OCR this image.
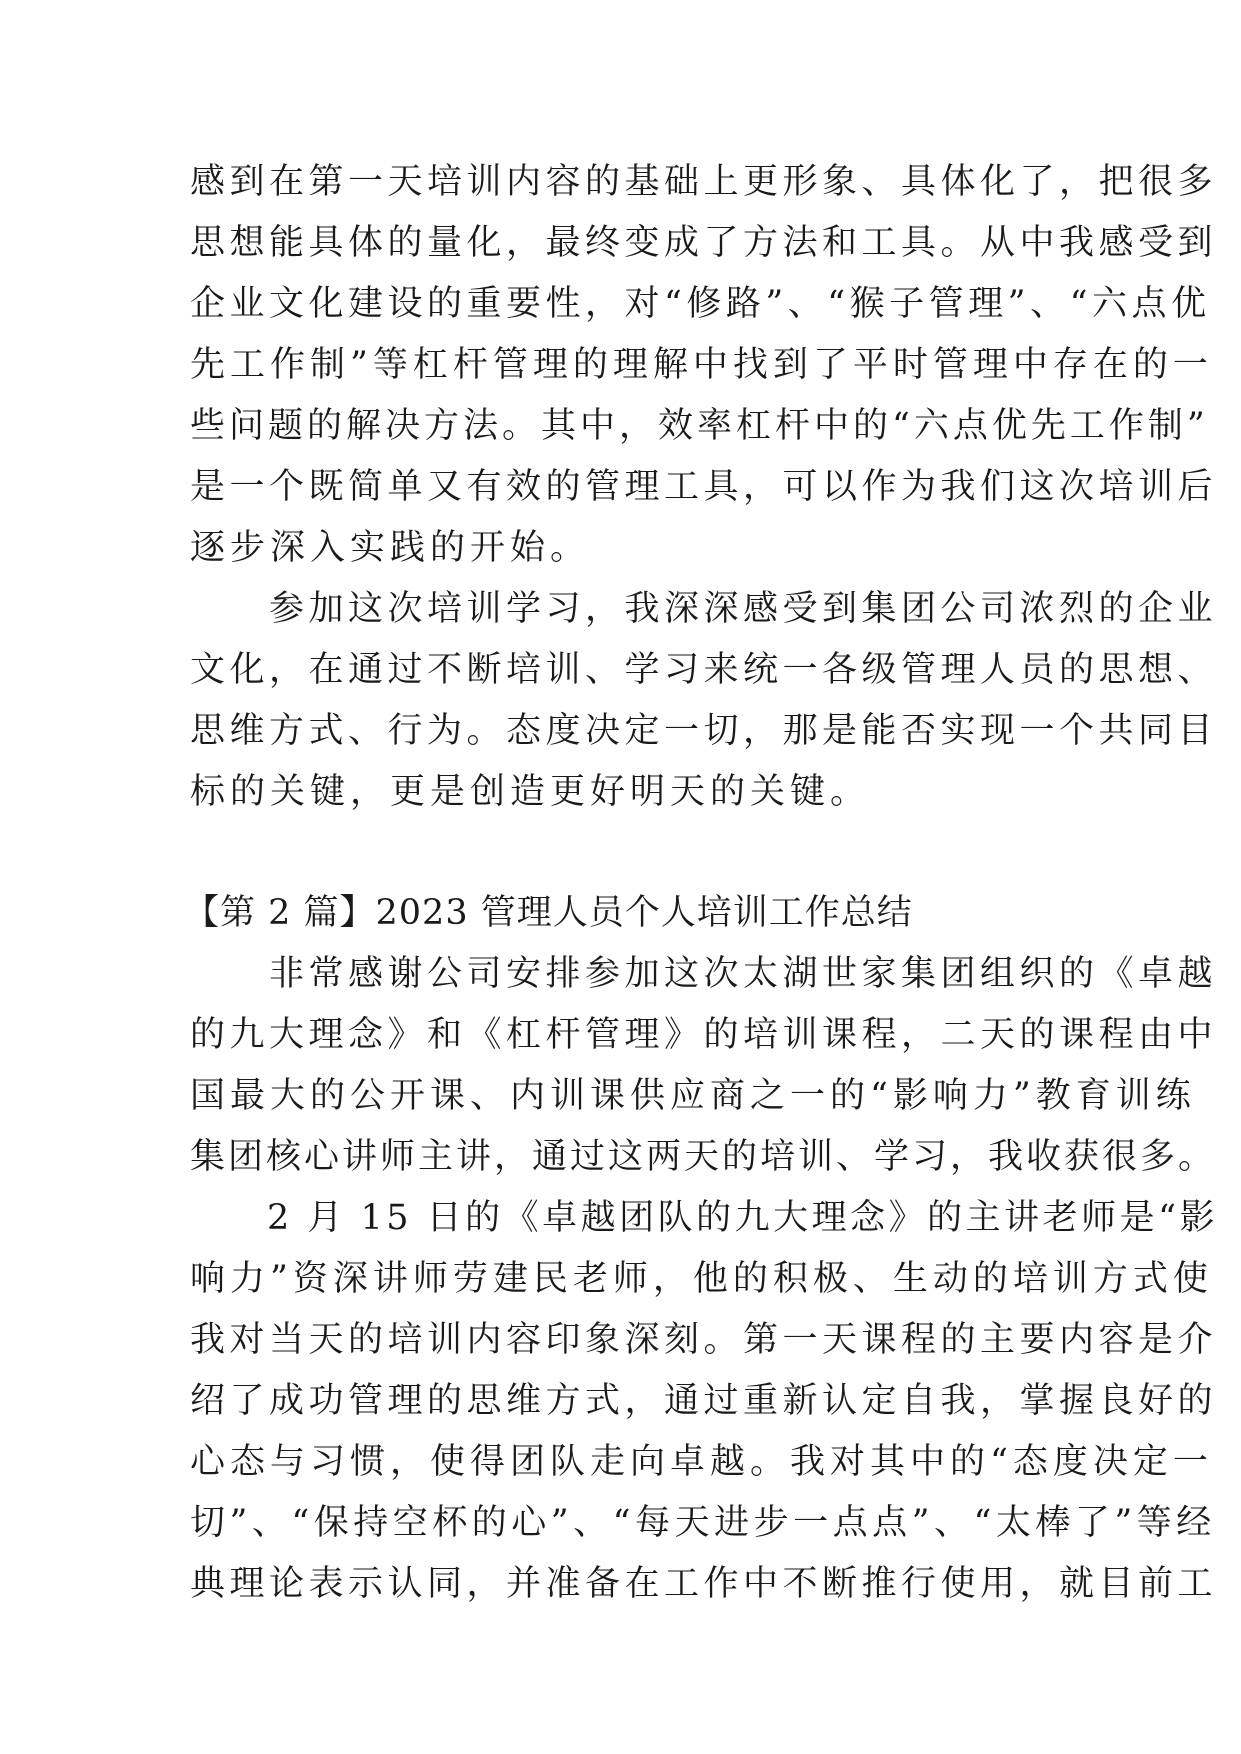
感到在第一天培训内容的基础上更形象、具体化了，把很多
思想能具体的量化，最终变成了方法和工具。从中我感受到
企业文化建设的重要性，对“修路”、“猴子管理”、“六点优
先工作制”等杠杆管理的理解中找到了平时管理中存在的一
些问题的解决方法。其中，效率杠杆中的“六点优先工作制”
是一个既简单又有效的管理工具，可以作为我们这次培训后
逐步深入实践的开始。
　　参加这次培训学习，我深深感受到集团公司浓烈的企业
文化，在通过不断培训、学习来统一各级管理人员的思想、
思维方式、行为。态度决定一切，那是能否实现一个共同目
标的关键，更是创造更好明天的关键。
【第 2 篇】2023 管理人员个人培训工作总结
　　非常感谢公司安排参加这次太湖世家集团组织的《卓越
的九大理念》和《杠杆管理》的培训课程，二天的课程由中
国最大的公开课、内训课供应商之一的“影响力”教育训练
集团核心讲师主讲，通过这两天的培训、学习，我收获很多。
　　2 月 15 日的《卓越团队的九大理念》的主讲老师是“影
响力”资深讲师劳建民老师，他的积极、生动的培训方式使
我对当天的培训内容印象深刻。第一天课程的主要内容是介
绍了成功管理的思维方式，通过重新认定自我，掌握良好的
心态与习惯，使得团队走向卓越。我对其中的“态度决定一
切”、“保持空杯的心”、“每天进步一点点”、“太棒了”等经
典理论表示认同，并准备在工作中不断推行使用，就目前工
